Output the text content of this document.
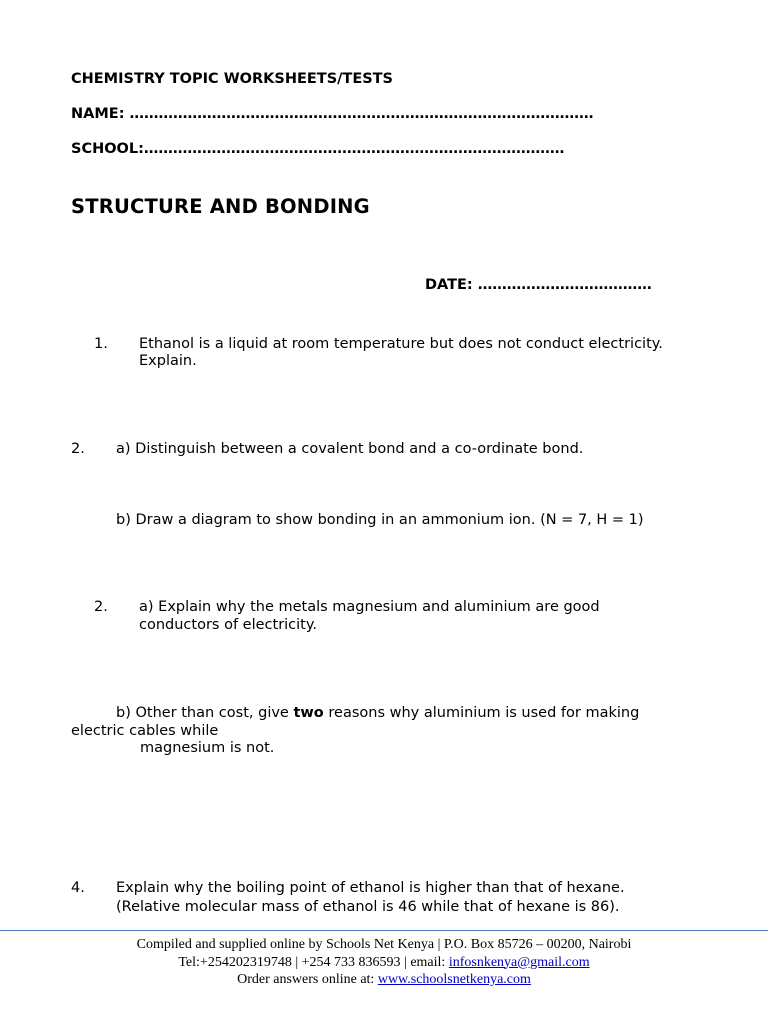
CHEMISTRY TOPIC WORKSHEETS/TESTS
NAME: ……………………………………………………………………………………
SCHOOL:……………………………………………………………………………
STRUCTURE AND BONDING
DATE: ………………………………
1. Ethanol is a liquid at room temperature but does not conduct electricity.
Explain.
2. a) Distinguish between a covalent bond and a co-ordinate bond.
b) Draw a diagram to show bonding in an ammonium ion. (N = 7, H = 1)
2. a) Explain why the metals magnesium and aluminium are good
conductors of electricity.
b) Other than cost, give two reasons why aluminium is used for making
electric cables while
magnesium is not.
4. Explain why the boiling point of ethanol is higher than that of hexane.
(Relative molecular mass of ethanol is 46 while that of hexane is 86).
Compiled and supplied online by Schools Net Kenya | P.O. Box 85726 – 00200, Nairobi
Tel:+254202319748 | +254 733 836593 | email: infosnkenya@gmail.com
Order answers online at: www.schoolsnetkenya.com
